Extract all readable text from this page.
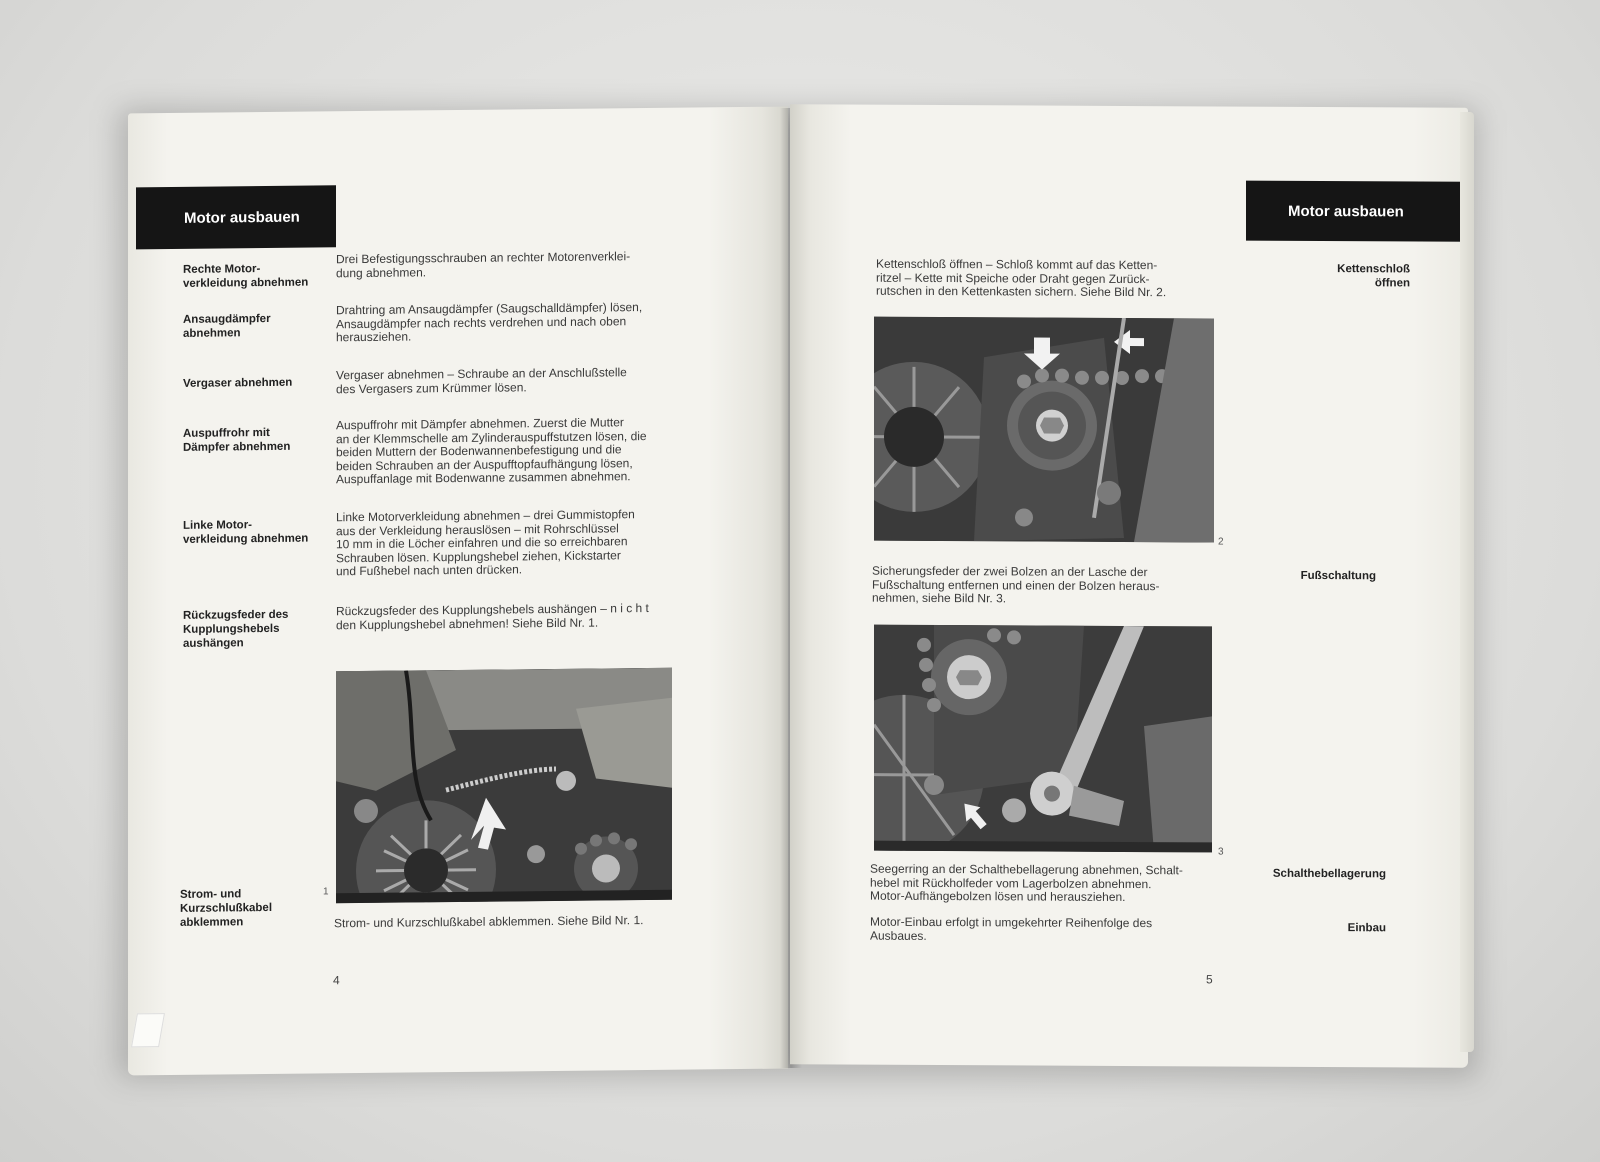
Motor ausbauen
Rechte Motor-
verkleidung abnehmen
Drei Befestigungsschrauben an rechter Motorenverklei-
dung abnehmen.
Ansaugdämpfer
abnehmen
Drahtring am Ansaugdämpfer (Saugschalldämpfer) lösen,
Ansaugdämpfer nach rechts verdrehen und nach oben
herausziehen.
Vergaser abnehmen
Vergaser abnehmen – Schraube an der Anschlußstelle
des Vergasers zum Krümmer lösen.
Auspuffrohr mit
Dämpfer abnehmen
Auspuffrohr mit Dämpfer abnehmen. Zuerst die Mutter
an der Klemmschelle am Zylinderauspuffstutzen lösen, die
beiden Muttern der Bodenwannenbefestigung und die
beiden Schrauben an der Auspufftopfaufhängung lösen,
Auspuffanlage mit Bodenwanne zusammen abnehmen.
Linke Motor-
verkleidung abnehmen
Linke Motorverkleidung abnehmen – drei Gummistopfen
aus der Verkleidung herauslösen – mit Rohrschlüssel
10 mm in die Löcher einfahren und die so erreichbaren
Schrauben lösen. Kupplungshebel ziehen, Kickstarter
und Fußhebel nach unten drücken.
Rückzugsfeder des
Kupplungshebels
aushängen
Rückzugsfeder des Kupplungshebels aushängen – n i c h t
den Kupplungshebel abnehmen! Siehe Bild Nr. 1.
1
Strom- und
Kurzschlußkabel
abklemmen	Strom- und Kurzschlußkabel abklemmen. Siehe Bild Nr. 1.
4
Motor ausbauen
Kettenschloß öffnen – Schloß kommt auf das Ketten-
ritzel – Kette mit Speiche oder Draht gegen Zurück-
rutschen in den Kettenkasten sichern. Siehe Bild Nr. 2.
Kettenschloß
öffnen
2
Sicherungsfeder der zwei Bolzen an der Lasche der
Fußschaltung entfernen und einen der Bolzen heraus-
nehmen, siehe Bild Nr. 3.
Fußschaltung
3
Seegerring an der Schalthebellagerung abnehmen, Schalt-
hebel mit Rückholfeder vom Lagerbolzen abnehmen.
Motor-Aufhängebolzen lösen und herausziehen.
Schalthebellagerung
Motor-Einbau erfolgt in umgekehrter Reihenfolge des
Ausbaues.	Einbau
5
